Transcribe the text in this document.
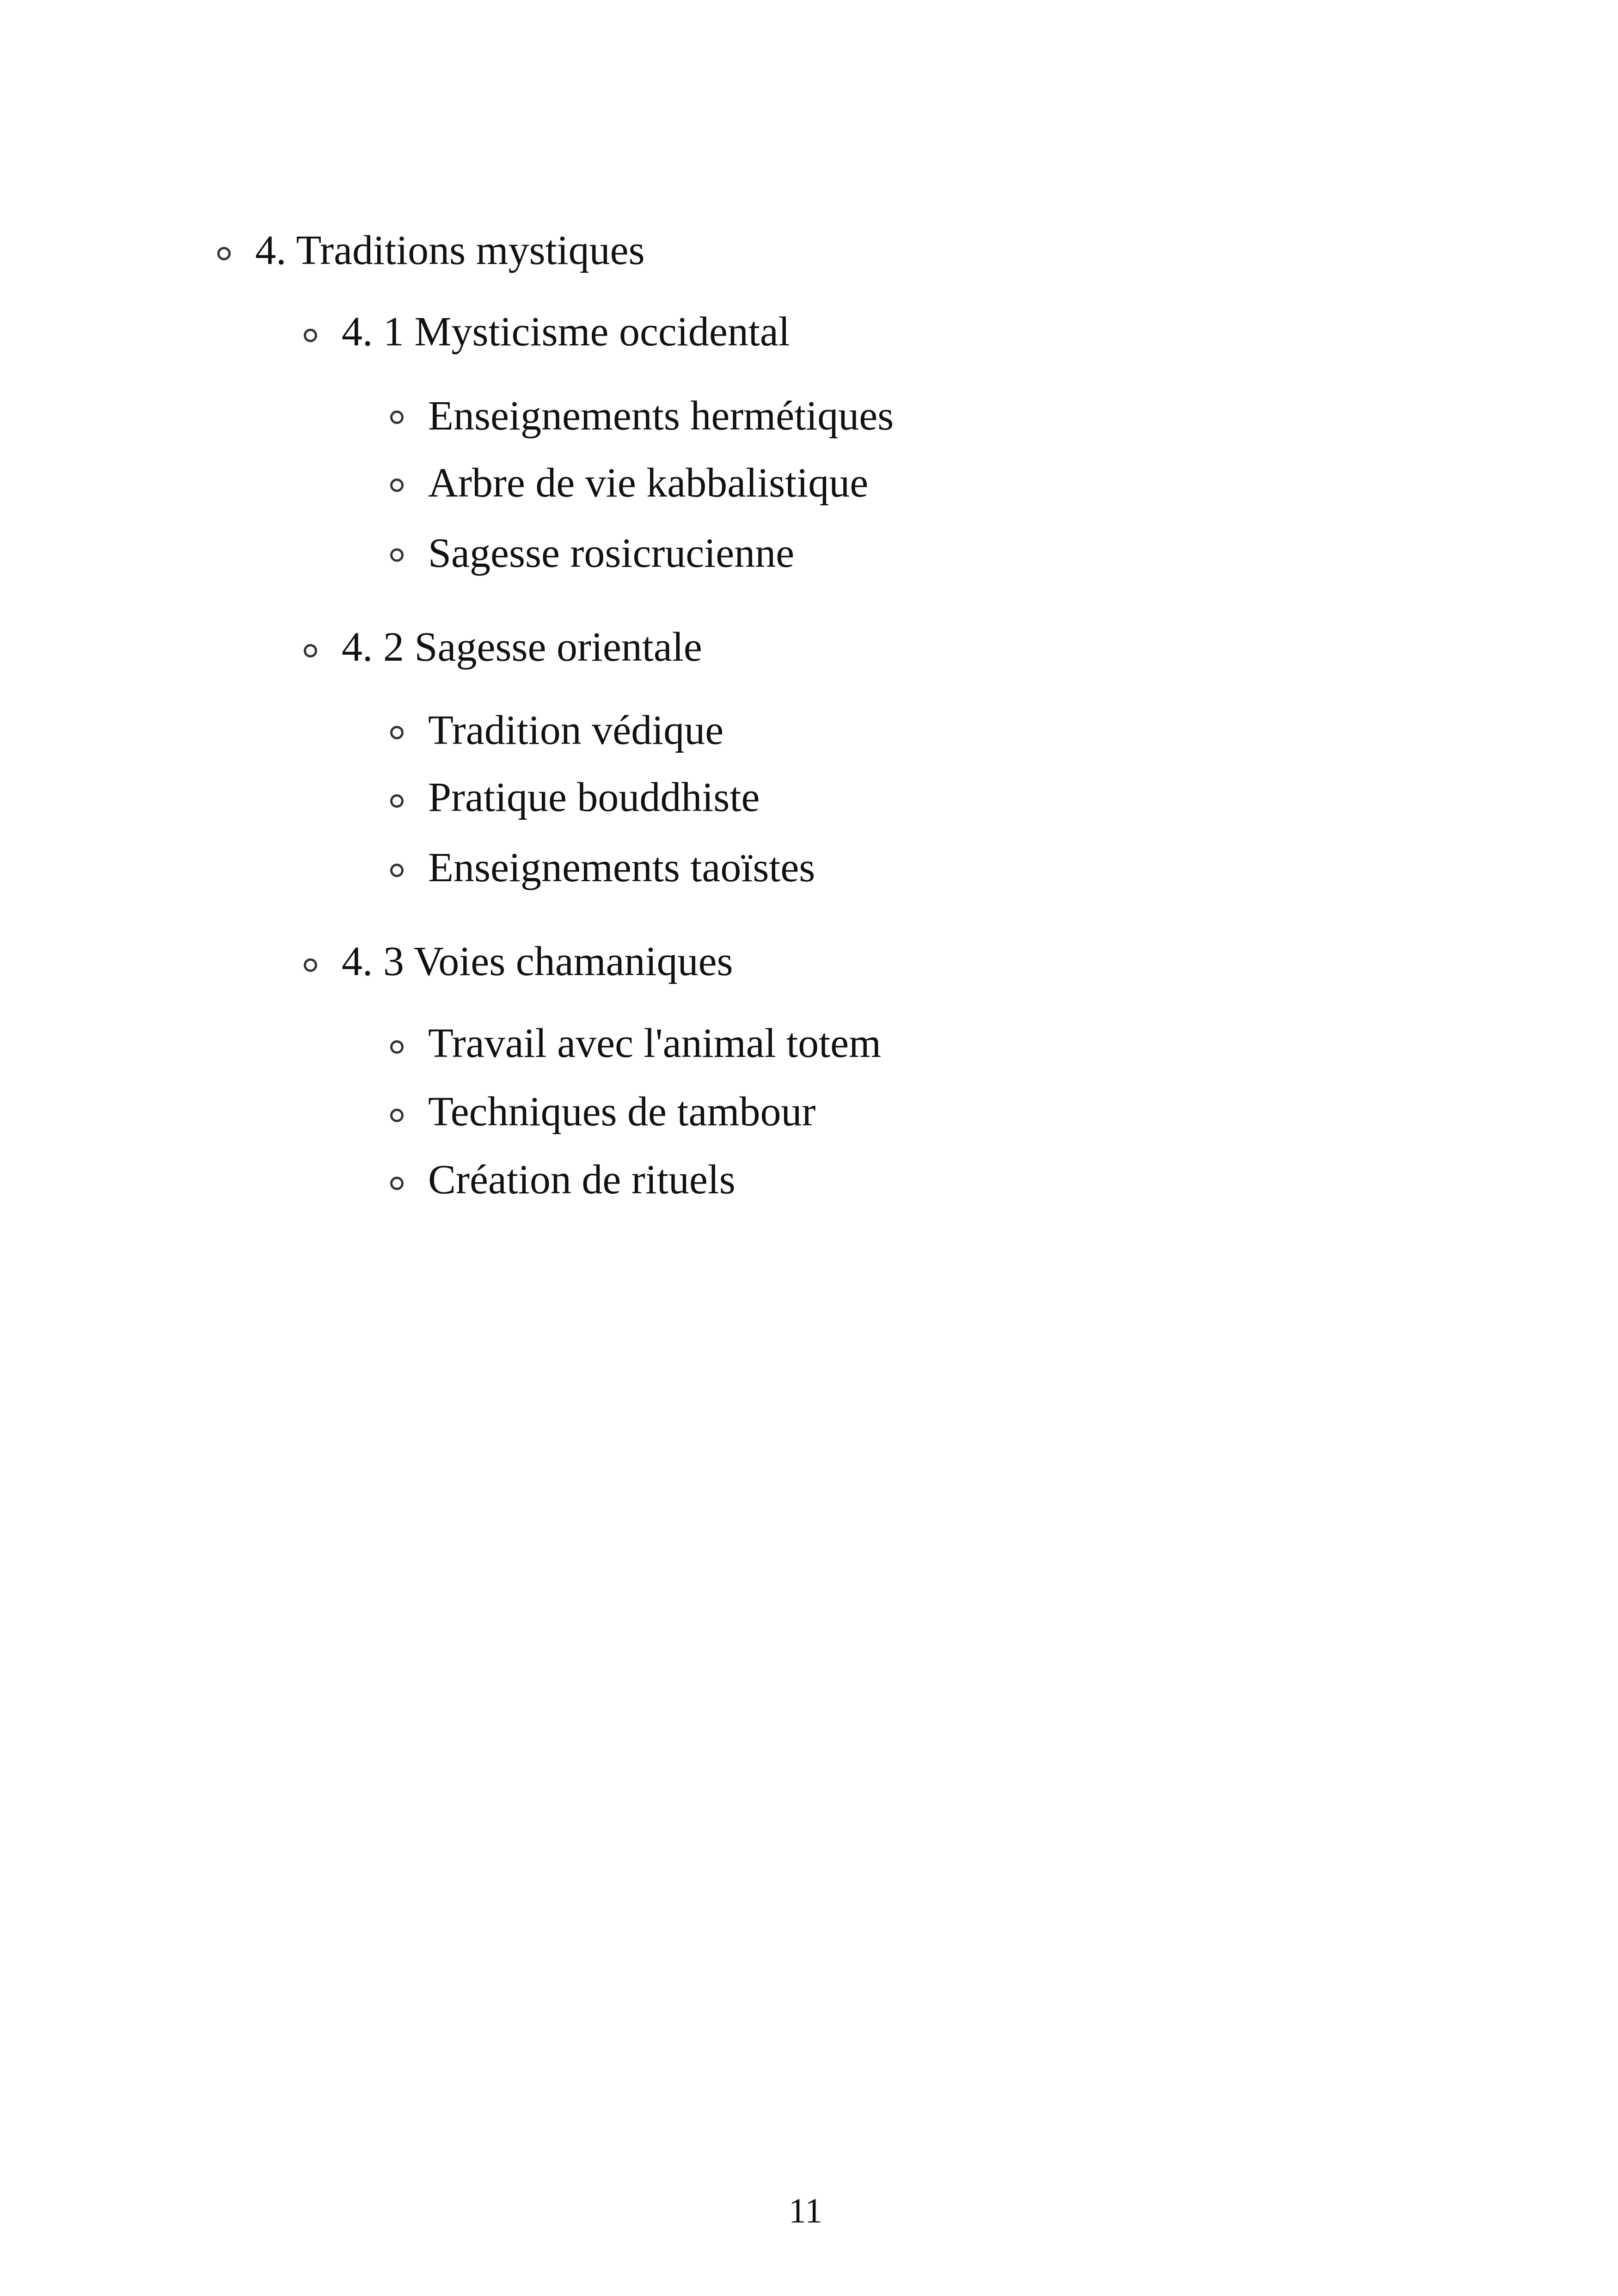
4. Traditions mystiques
4. 1 Mysticisme occidental
Enseignements hermétiques
Arbre de vie kabbalistique
Sagesse rosicrucienne
4. 2 Sagesse orientale
Tradition védique
Pratique bouddhiste
Enseignements taoïstes
4. 3 Voies chamaniques
Travail avec l'animal totem
Techniques de tambour
Création de rituels
11
